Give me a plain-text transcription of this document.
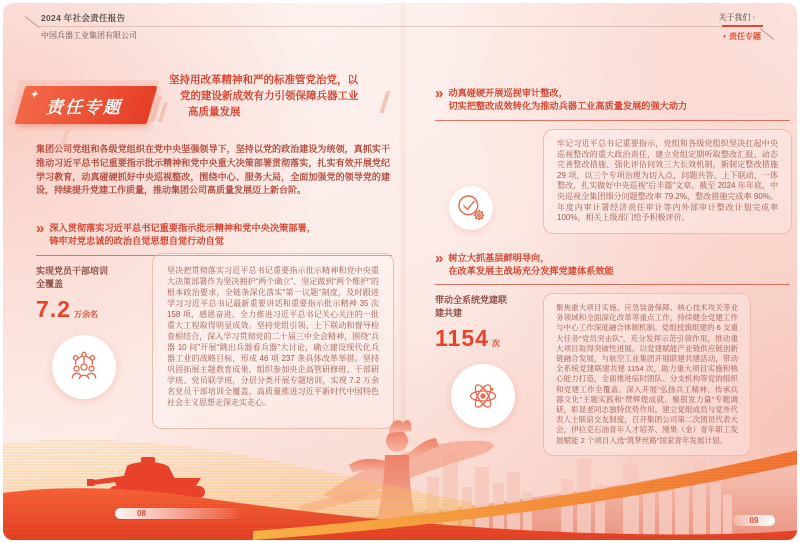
2024 年社会责任报告
中国兵器工业集团有限公司
关于我们 ‹
• 责任专题
✦
责任专题
坚持用改革精神和严的标准管党治党，以
党的建设新成效有力引领保障兵器工业
高质量发展
集团公司党组和各级党组织在党中央坚强领导下，坚持以党的政治建设为统领，真抓实干推动习近平总书记重要指示批示精神和党中央重大决策部署贯彻落实，扎实有效开展党纪学习教育，动真碰硬抓好中央巡视整改，围绕中心、服务大局，全面加强党的领导党的建设，持续提升党建工作质量，推动集团公司高质量发展迈上新台阶。
» 深入贯彻落实习近平总书记重要指示批示精神和党中央决策部署，
铸牢对党忠诚的政治自觉思想自觉行动自觉
实现党员干部培训全覆盖
7.2 万余名
坚决把贯彻落实习近平总书记重要指示批示精神和党中央重大决策部署作为坚决拥护“两个确立”、坚定做到“两个维护”的根本政治要求，全链条深化落实“第一议题”制度，及时跟进学习习近平总书记最新重要讲话和重要指示批示精神 35 次 158 项，感恩奋进、全力推进习近平总书记关心关注的一批重大工程取得明显成效。坚持党组引领、上下联动和督导检查相结合，深入学习贯彻党的二十届三中全会精神，围绕“兵器 10 问”开展“跳出兵器看兵器”大讨论，确立建设现代化兵器工业的战略目标，形成 46 项 237 条具体改革举措。坚持巩固拓展主题教育成果，组织参加央企高管研修班、干部研学班、党员联学班，分层分类开展专题培训，实现 7.2 万余名党员干部培训全覆盖，高质量推进习近平新时代中国特色社会主义思想走深走实走心。
» 动真碰硬开展巡视审计整改，
切实把整改成效转化为推动兵器工业高质量发展的强大动力
牢记习近平总书记重要指示，党组和各级党组织坚决扛起中央巡视整改的重大政治责任，建立党组定期听取整改汇报、动态完善整改措施、强化评估问效三大长效机制，新制定整改措施 29 项，以三个专项治理为切入点，问题共答、上下联动、一体整改，扎实做好中央巡视“后半篇”文章。截至 2024 年年底，中央巡视全集团细分问题整改率 79.2%，整改措施完成率 90%。年度内审计署经济责任审计等内外部审计整改计划完成率 100%，相关上级部门给予积极评价。
» 树立大抓基层鲜明导向，
在改革发展主战场充分发挥党建体系效能
带动全系统党建联建共建
1154 次
聚焦重大项目实施、应急装备保障、核心技术攻关等业务领域和全面深化改革等重点工作，持续健全党建工作与中心工作深度融合体制机制。党组授旗组建的 6 支重大任务“党员突击队”，充分发挥示范引领作用，推动重大项目取得突破性进展。以党建赋能产业链供应链创新链融合发展，与航空工业集团开展联建共建活动，带动全系统党建联建共建 1154 次，助力重大项目实施和核心能力打造，全面推进临时团队、分支机构等党的组织和党建工作全覆盖。深入开展“弘扬兵工精神、传承兵器文化”主题实践和“赞辉煌成就、聚银发力量”专题调研，彰显老同志独特优势作用。建立党组成员与党外代表人士联谊交友制度，召开集团公司第二次团员代表大会，伊拉克石油青年人才培养、刚果（金）青年职工发展赋能 2 个项目入选“筑梦丝路”国家青年发展计划。
08
09
